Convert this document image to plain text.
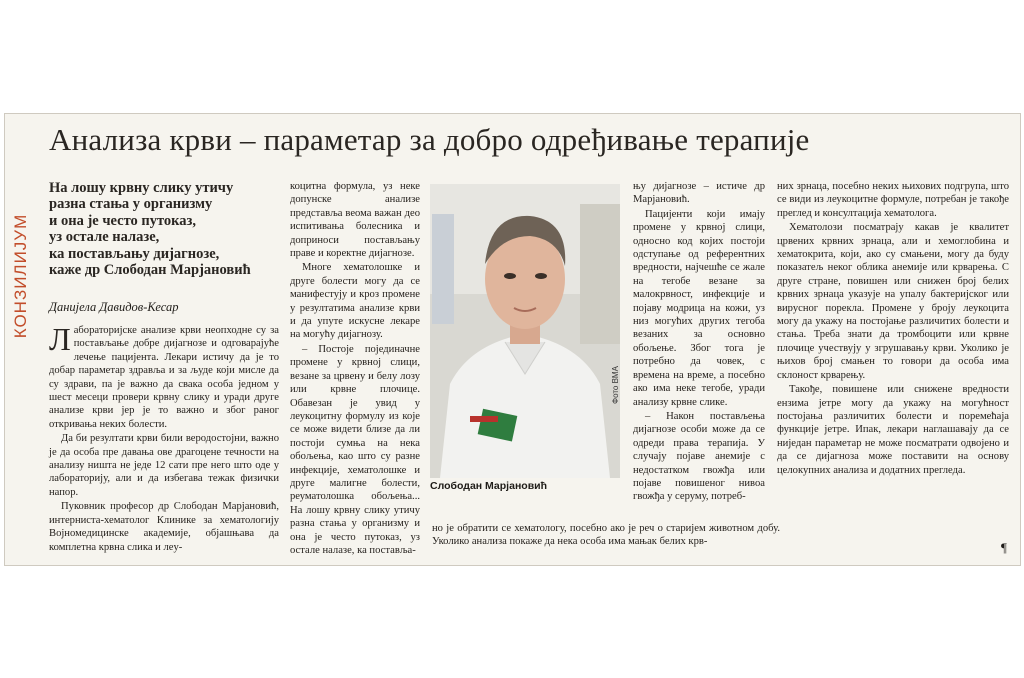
КОНЗИЛИЈУМ
Анализа крви – параметар за добро одређивање терапије
На лошу крвну слику утичу
разна стања у организму
и она је често путоказ,
уз остале налазе,
ка постављању дијагнозе,
каже др Слободан Марјановић
Данијела Давидов-Кесар

Лабораторијске анализе крви неопходне су за постављање добре дијагнозе и одговарајуће лечење пацијента. Лекари истичу да је то добар параметар здравља и за људе који мисле да су здрави, па је важно да свака особа једном у шест месеци провери крвну слику и уради друге анализе крви јер је то важно и због раног откривања неких болести.

Да би резултати крви били веродостојни, важно је да особа пре давања ове драгоцене течности на анализу ништа не једе 12 сати пре него што оде у лабораторију, али и да избегава тежак физички напор.

Пуковник професор др Слободан Марјановић, интерниста-хематолог Клинике за хематологију Војномедицинске академије, објашњава да комплетна крвна слика и лeу-

коцитна формула, уз неке допунске анализе представља веома важан део испитивања болесника и доприноси постављању праве и коректне дијагнозе.

Многе хематолошке и друге болести могу да се манифестују и кроз промене у резултатима анализе крви и да упуте искусне лекаре на могућу дијагнозу.

– Постоје појединачне промене у крвној слици, везане за црвену и белу лозу или крвне плочице. Обавезан је увид у леукоцитну формулу из које се може видети близе да ли постоји сумња на нека обољења, као што су разне инфекције, хематолошке и друге малигне болести, реуматолошка обољења... На лошу крвну слику утичу разна стања у организму и она је често путоказ, уз остале налазе, ка постављa-

Фото ВМА
Слободан Марјановић

њу дијагнозе – истиче др Марјановић.

Пацијенти који имају промене у крвној слици, односно код којих постоји одступање од референтних вредности, најчешће се жале на тегобе везане за малокрвност, инфекције и појаву модрица на кожи, уз низ могућих других тегоба везаних за основно обољење. Због тога је потребно да човек, с времена на време, а посебно ако има неке тегобе, уради анализу крвне слике.

– Након постављења дијагнозе особи може да се одреди права терапија. У случају појаве анемије с недостатком гвожђа или појаве повишеног нивоа гвожђа у серуму, потреб-

но је обратити се хематологу, посебно ако је реч о старијем животном добу. Уколико анализа покаже да нека особа има мањак белих крв-

них зрнаца, посебно неких њихових подгрупа, што се види из леукоцитне формуле, потребан је такође преглед и консултација хематолога.

Хематолози посматрају какав је квалитет црвених крвних зрнаца, али и хемоглобина и хематокрита, који, ако су смањени, могу да буду показатељ неког облика анемије или крварења. С друге стране, повишен или снижен број белих крвних зрнаца указује на упалу бактеријског или вирусног порекла. Промене у броју леукоцита могу да укажу на постојање различитих болести и стања. Треба знати да тромбоцити или крвне плочице учествују у згрушавању крви. Уколико је њихов број смањен то говори да особа има склоност крварењу.

Такође, повишене или снижене вредности ензима јетре могу да укажу на могућност постојања различитих болести и поремећаја функције јетре. Ипак, лекари наглашавају да се ниједан параметар не може посматрати одвојено и да се дијагноза може поставити на основу целокупних анализа и додатних прегледа.

¶
